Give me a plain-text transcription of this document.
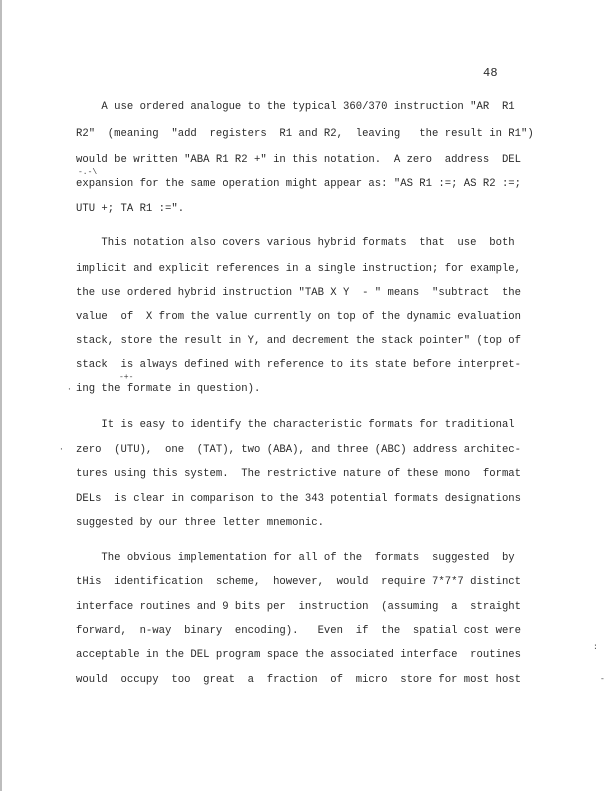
48
A use ordered analogue to the typical 360/370 instruction "AR  R1
R2"  (meaning  "add  registers  R1 and R2,  leaving   the result in R1")
would be written "ABA R1 R2 +" in this notation.  A zero  address  DEL
-.-\
expansion for the same operation might appear as: "AS R1 :=; AS R2 :=;
UTU +; TA R1 :=".
This notation also covers various hybrid formats  that  use  both
implicit and explicit references in a single instruction; for example,
the use ordered hybrid instruction "TAB X Y  - " means  "subtract  the
value  of  X from the value currently on top of the dynamic evaluation
stack, store the result in Y, and decrement the stack pointer" (top of
stack  is always defined with reference to its state before interpret-
-+-
ing the formate in question).
·
It is easy to identify the characteristic formats for traditional
zero  (UTU),  one  (TAT), two (ABA), and three (ABC) address architec-
·
tures using this system.  The restrictive nature of these mono  format
DELs  is clear in comparison to the 343 potential formats designations
suggested by our three letter mnemonic.
The obvious implementation for all of the  formats  suggested  by
tHis  identification  scheme,  however,  would  require 7*7*7 distinct
interface routines and 9 bits per  instruction  (assuming  a  straight
forward,  n-way  binary  encoding).   Even  if  the  spatial cost were
:
acceptable in the DEL program space the associated interface  routines
would  occupy  too  great  a  fraction  of  micro  store for most host	-
